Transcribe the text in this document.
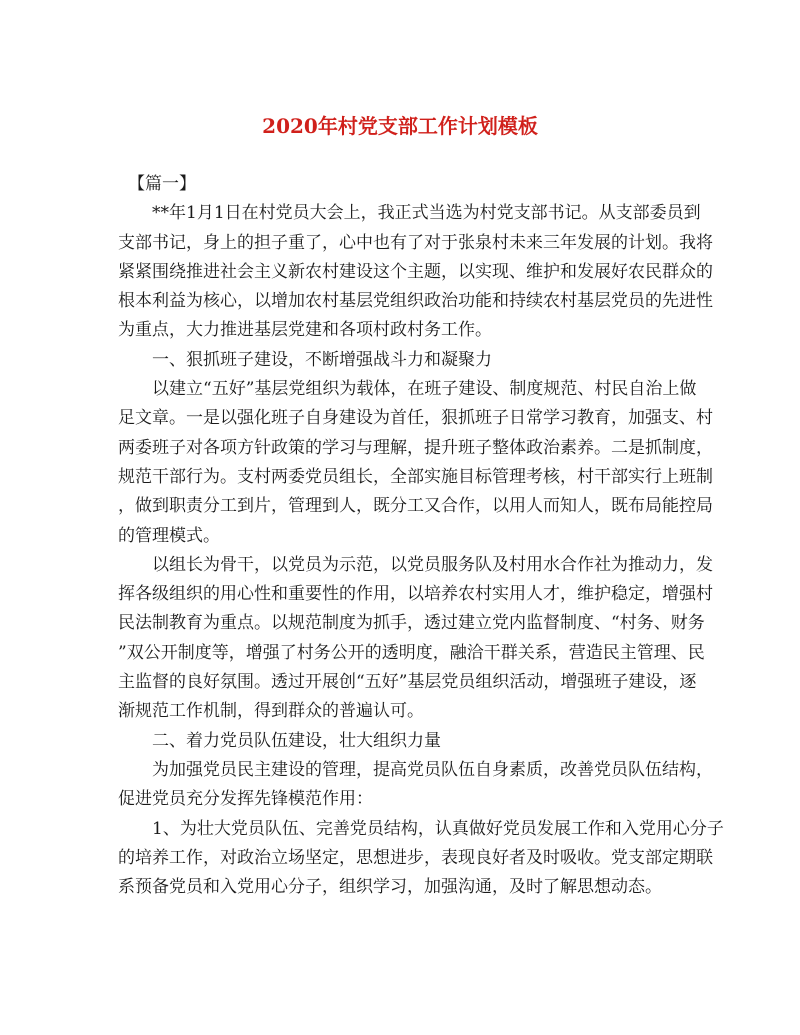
2020年村党支部工作计划模板
【篇一】

**年1月1日在村党员大会上，我正式当选为村党支部书记。从支部委员到
支部书记，身上的担子重了，心中也有了对于张泉村未来三年发展的计划。我将
紧紧围绕推进社会主义新农村建设这个主题，以实现、维护和发展好农民群众的
根本利益为核心，以增加农村基层党组织政治功能和持续农村基层党员的先进性
为重点，大力推进基层党建和各项村政村务工作。

一、狠抓班子建设，不断增强战斗力和凝聚力

以建立“五好”基层党组织为载体，在班子建设、制度规范、村民自治上做
足文章。一是以强化班子自身建设为首任，狠抓班子日常学习教育，加强支、村
两委班子对各项方针政策的学习与理解，提升班子整体政治素养。二是抓制度，
规范干部行为。支村两委党员组长，全部实施目标管理考核，村干部实行上班制
，做到职责分工到片，管理到人，既分工又合作，以用人而知人，既布局能控局
的管理模式。

以组长为骨干，以党员为示范，以党员服务队及村用水合作社为推动力，发
挥各级组织的用心性和重要性的作用，以培养农村实用人才，维护稳定，增强村
民法制教育为重点。以规范制度为抓手，透过建立党内监督制度、“村务、财务
”双公开制度等，增强了村务公开的透明度，融洽干群关系，营造民主管理、民
主监督的良好氛围。透过开展创“五好”基层党员组织活动，增强班子建设，逐
渐规范工作机制，得到群众的普遍认可。

二、着力党员队伍建设，壮大组织力量

为加强党员民主建设的管理，提高党员队伍自身素质，改善党员队伍结构，
促进党员充分发挥先锋模范作用：

1、为壮大党员队伍、完善党员结构，认真做好党员发展工作和入党用心分子
的培养工作，对政治立场坚定，思想进步，表现良好者及时吸收。党支部定期联
系预备党员和入党用心分子，组织学习，加强沟通，及时了解思想动态。
